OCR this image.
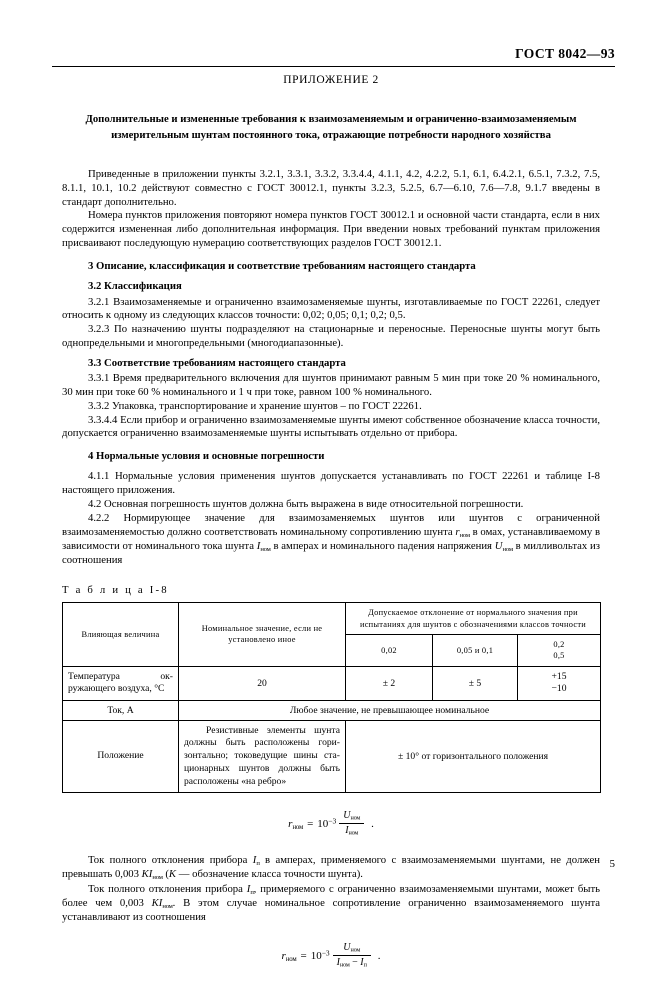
ГОСТ 8042—93
ПРИЛОЖЕНИЕ 2
Дополнительные и измененные требования к взаимозаменяемым и ограниченно-взаимозаменяемым
измерительным шунтам постоянного тока, отражающие потребности народного хозяйства

Приведенные в приложении пункты 3.2.1, 3.3.1, 3.3.2, 3.3.4.4, 4.1.1, 4.2, 4.2.2, 5.1, 6.1, 6.4.2.1, 6.5.1, 7.3.2, 7.5, 8.1.1, 10.1, 10.2 действуют совместно с ГОСТ 30012.1, пункты 3.2.3, 5.2.5, 6.7—6.10, 7.6—7.8, 9.1.7 введены в стандарт дополнительно.

Номера пунктов приложения повторяют номера пунктов ГОСТ 30012.1 и основной части стандарта, если в них содержится измененная либо дополнительная информация. При введении новых требований пунктам приложения присваивают последующую нумерацию соответствующих разделов ГОСТ 30012.1.

3 Описание, классификация и соответствие требованиям настоящего стандарта
3.2 Классификация

3.2.1 Взаимозаменяемые и ограниченно взаимозаменяемые шунты, изготавливаемые по ГОСТ 22261, следует относить к одному из следующих классов точности: 0,02; 0,05; 0,1; 0,2; 0,5.

3.2.3 По назначению шунты подразделяют на стационарные и переносные. Переносные шунты могут быть однопредельными и многопредельными (многодиапазонные).

3.3 Соответствие требованиям настоящего стандарта

3.3.1 Время предварительного включения для шунтов принимают равным 5 мин при токе 20 % номинального, 30 мин при токе 60 % номинального и 1 ч при токе, равном 100 % номинального.

3.3.2 Упаковка, транспортирование и хранение шунтов – по ГОСТ 22261.

3.3.4.4 Если прибор и ограниченно взаимозаменяемые шунты имеют собственное обозначение класса точности, допускается ограниченно взаимозаменяемые шунты испытывать отдельно от прибора.

4 Нормальные условия и основные погрешности

4.1.1 Нормальные условия применения шунтов допускается устанавливать по ГОСТ 22261 и таблице I-8 настоящего приложения.

4.2 Основная погрешность шунтов должна быть выражена в виде относительной погрешности.

4.2.2 Нормирующее значение для взаимозаменяемых шунтов или шунтов с ограниченной взаимозаменяемостью должно соответствовать номинальному сопротивлению шунта $r_{ном}$ в омах, устанавливаемому в зависимости от номинального тока шунта $I_{ном}$ в амперах и номинального падения напряжения $U_{ном}$ в милливольтах из соотношения

Т а б л и ц а I-8
Влияющая величина	Номинальное значение, если не установлено иное	Допускаемое отклонение от нормального значения при испытаниях для шунтов с обозначениями классов точности		
		0,02	0,05 и 0,1	0,2
0,5
Температура ок-ружающего воздуха, °С	20	± 2	± 5	+15
−10
Ток, А	Любое значение, не превышающее номинальное			
Положение	Резистивные элементы шунта должны быть расположены гори-зонтально; токоведущие шины ста-ционарных шунтов должны быть расположены «на ребро»	± 10° от горизонтального положения		
$r_{ном} = 10^{-3} \frac{U_{ном}}{I_{ном}}$ .

Ток полного отклонения прибора $I_п$ в амперах, применяемого с взаимозаменяемыми шунтами, не должен превышать 0,003 $KI_{ном}$ (K — обозначение класса точности шунта).

Ток полного отклонения прибора $I_п$, примеряемого с ограниченно взаимозаменяемыми шунтами, может быть более чем 0,003 $KI_{ном}$. В этом случае номинальное сопротивление ограниченно взаимозаменяемого шунта устанавливают из соотношения

$r_{ном} = 10^{-3} \frac{U_{ном}}{I_{ном} - I_п}$ .
5
